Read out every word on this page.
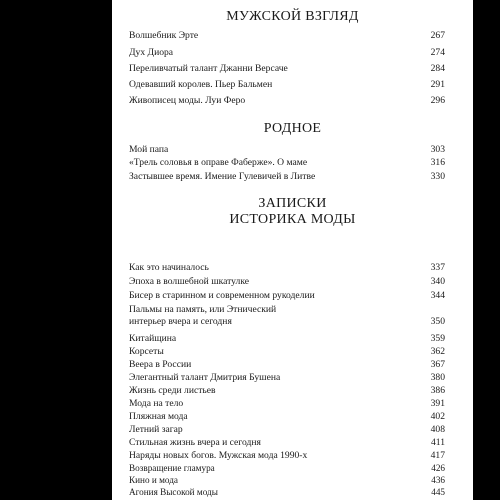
МУЖСКОЙ ВЗГЛЯД
Волшебник Эрте	267
Дух Диора	274
Переливчатый талант Джанни Версаче	284
Одевавший королев. Пьер Бальмен	291
Живописец моды. Луи Феро	296
РОДНОЕ
Мой папа	303
«Трель соловья в оправе Фаберже». О маме	316
Застывшее время. Имение Гулевичей в Литве	330
ЗАПИСКИ
ИСТОРИКА МОДЫ
Как это начиналось	337
Эпоха в волшебной шкатулке	340
Бисер в старинном и современном рукоделии	344
Пальмы на память, или Этнический
интерьер вчера и сегодня	350
Китайщина	359
Корсеты	362
Веера в России	367
Элегантный талант Дмитрия Бушена	380
Жизнь среди листьев	386
Мода на тело	391
Пляжная мода	402
Летний загар	408
Стильная жизнь вчера и сегодня	411
Наряды новых богов. Мужская мода 1990-х	417
Возвращение гламура	426
Кино и мода	436
Агония Высокой моды	445
